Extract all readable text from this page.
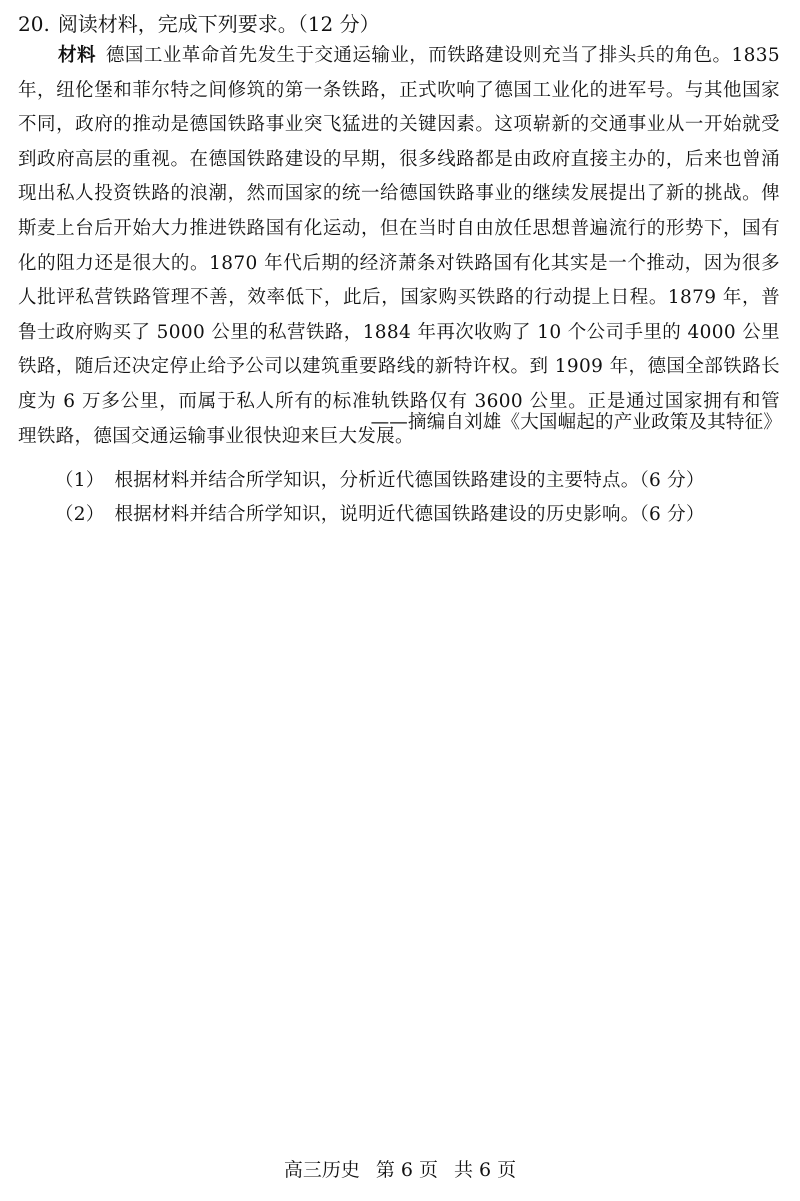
20. 阅读材料，完成下列要求。（12 分）
材料 德国工业革命首先发生于交通运输业，而铁路建设则充当了排头兵的角色。1835 年，纽伦堡和菲尔特之间修筑的第一条铁路，正式吹响了德国工业化的进军号。与其他国家不同，政府的推动是德国铁路事业突飞猛进的关键因素。这项崭新的交通事业从一开始就受到政府高层的重视。在德国铁路建设的早期，很多线路都是由政府直接主办的，后来也曾涌现出私人投资铁路的浪潮，然而国家的统一给德国铁路事业的继续发展提出了新的挑战。俾斯麦上台后开始大力推进铁路国有化运动，但在当时自由放任思想普遍流行的形势下，国有化的阻力还是很大的。1870 年代后期的经济萧条对铁路国有化其实是一个推动，因为很多人批评私营铁路管理不善，效率低下，此后，国家购买铁路的行动提上日程。1879 年，普鲁士政府购买了 5000 公里的私营铁路，1884 年再次收购了 10 个公司手里的 4000 公里铁路，随后还决定停止给予公司以建筑重要路线的新特许权。到 1909 年，德国全部铁路长度为 6 万多公里，而属于私人所有的标准轨铁路仅有 3600 公里。正是通过国家拥有和管理铁路，德国交通运输事业很快迎来巨大发展。
——摘编自刘雄《大国崛起的产业政策及其特征》
（1） 根据材料并结合所学知识，分析近代德国铁路建设的主要特点。（6 分）
（2） 根据材料并结合所学知识，说明近代德国铁路建设的历史影响。（6 分）
高三历史 第 6 页 共 6 页
